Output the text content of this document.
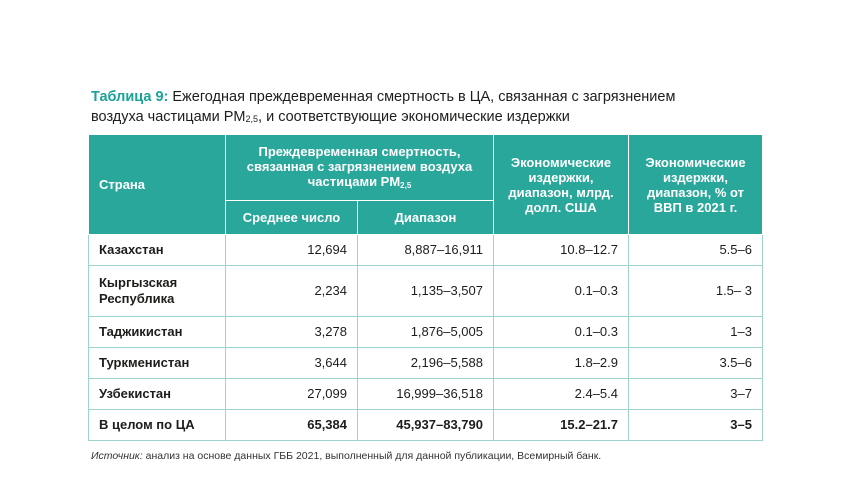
Таблица 9: Ежегодная преждевременная смертность в ЦА, связанная с загрязнением
воздуха частицами $PM_{2,5}$, и соответствующие экономические издержки
Страна	Преждевременная смертность, связанная с загрязнением воздуха частицами $PM_{2,5}$		Экономические издержки, диапазон, млрд. долл. США	Экономические издержки, диапазон, % от ВВП в 2021 г.
	Среднее число	Диапазон		
Казахстан	12,694	8,887–16,911	10.8–12.7	5.5–6
Кыргызская Республика	2,234	1,135–3,507	0.1–0.3	1.5– 3
Таджикистан	3,278	1,876–5,005	0.1–0.3	1–3
Туркменистан	3,644	2,196–5,588	1.8–2.9	3.5–6
Узбекистан	27,099	16,999–36,518	2.4–5.4	3–7
В целом по ЦА	65,384	45,937–83,790	15.2–21.7	3–5
Источник: анализ на основе данных ГББ 2021, выполненный для данной публикации, Всемирный банк.
